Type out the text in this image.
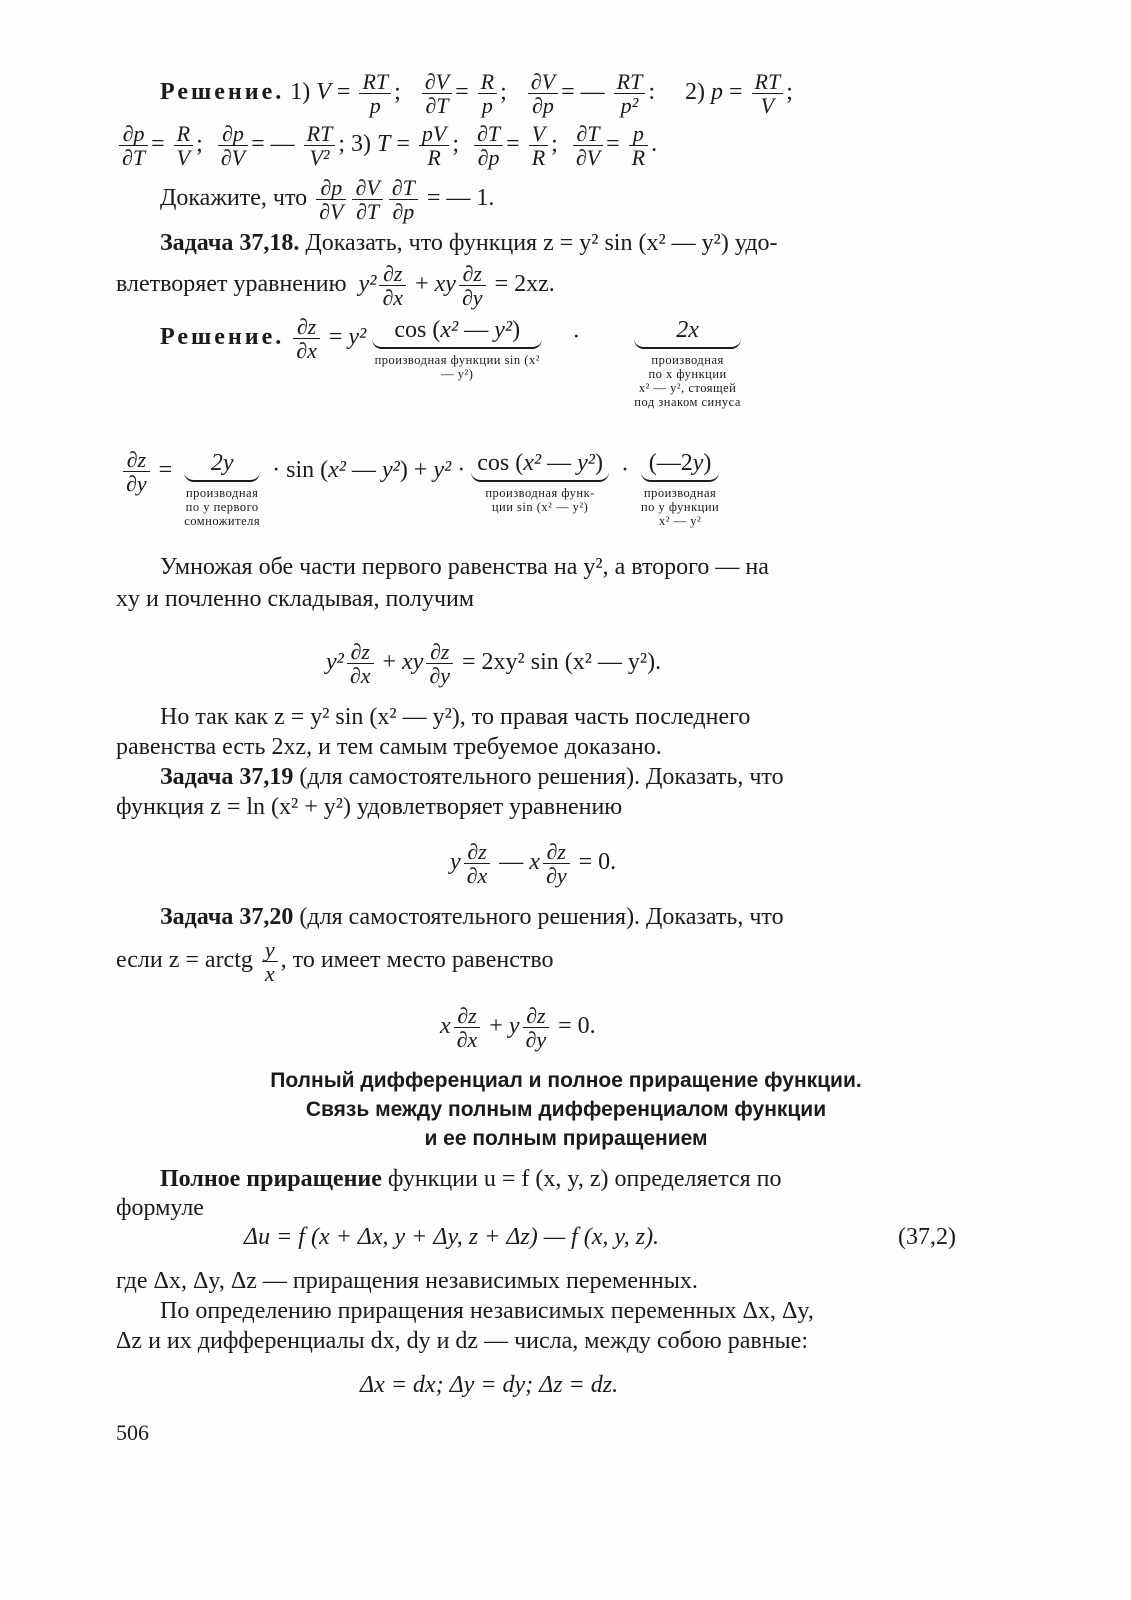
Решение. 1) $V = \frac{RT}{p}$ ; $\frac{\partial V}{\partial T} = \frac{R}{p}$ ; $\frac{\partial V}{\partial p}$ = — $\frac{RT}{\text{p²}}$ :     2) $p = \frac{RT}{V}$ ;
$\frac{\partial p}{\partial T} = \frac{R}{V}$ ; $\frac{\partial p}{\partial V}$ = — $\frac{RT}{\text{V²}}$ ; 3) $T = \frac{pV}{R}$ ; $\frac{\partial T}{\partial p} = \frac{V}{R}$ ; $\frac{\partial T}{\partial V} = \frac{p}{R}$ .
Докажите, что $\frac{\partial p}{\partial V} \frac{\partial V}{\partial T} \frac{\partial T}{\partial p}$ = — 1.
Задача 37,18. Доказать, что функция z = y² sin (x² — y²) удо-
влетворяет уравнению $y^2 \frac{\partial z}{\partial x}$ + xy $\frac{\partial z}{\partial y} = 2xz$.
Решение. $\frac{\partial z}{\partial x} = y^2$	cos (x² — y²)
производная функции sin (x² — y²)
·	2x
производная
по x функции
x² — y², стоящей
под знаком синуса
$\frac{\partial z}{\partial y}$ =	2y
производная
по y первого
сомножителя
· sin (x² — y²) + y² · cos (x² — y²)
производная функ-
ции sin (x² — y²)
· (—2y)
производная
по y функции
x² — y²
Умножая обе части первого равенства на y², а второго — на
xy и почленно складывая, получим
$y^2 \frac{\partial z}{\partial x}$ + xy $\frac{\partial z}{\partial y} = 2xy^2$ sin (x² — y²).
Но так как z = y² sin (x² — y²), то правая часть последнего
равенства есть 2xz, и тем самым требуемое доказано.
Задача 37,19 (для самостоятельного решения). Доказать, что
функция z = ln (x² + y²) удовлетворяет уравнению
y $\frac{\partial z}{\partial x}$ — x $\frac{\partial z}{\partial y} = 0$.
Задача 37,20 (для самостоятельного решения). Доказать, что
если z = arctg $\frac{y}{x}$ , то имеет место равенство
x $\frac{\partial z}{\partial x} + y \frac{\partial z}{\partial y} = 0$.
Полный дифференциал и полное приращение функции.
Связь между полным дифференциалом функции
и ее полным приращением
Полное приращение функции u = f (x, y, z) определяется по
формуле
Δu = f (x + Δx, y + Δy, z + Δz) — f (x, y, z).	(37,2)
где Δx, Δy, Δz — приращения независимых переменных.
По определению приращения независимых переменных Δx, Δy,
Δz и их дифференциалы dx, dy и dz — числа, между собою равные:
Δx = dx; Δy = dy; Δz = dz.
506
